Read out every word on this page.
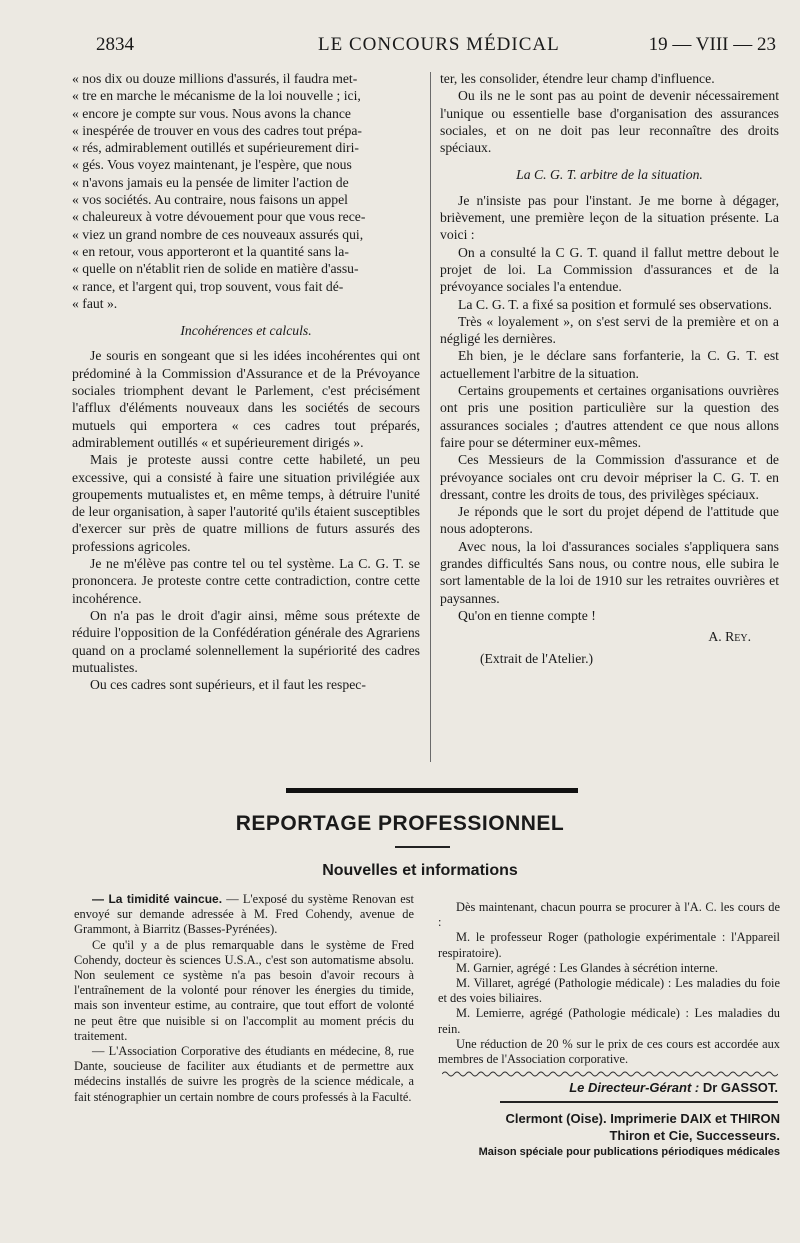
2834	LE CONCOURS MÉDICAL	19 — VIII — 23

« nos dix ou douze millions d'assurés, il faudra met-

« tre en marche le mécanisme de la loi nouvelle ; ici,

« encore je compte sur vous. Nous avons la chance

« inespérée de trouver en vous des cadres tout prépa-

« rés, admirablement outillés et supérieurement diri-

« gés. Vous voyez maintenant, je l'espère, que nous

« n'avons jamais eu la pensée de limiter l'action de

« vos sociétés. Au contraire, nous faisons un appel

« chaleureux à votre dévouement pour que vous rece-

« viez un grand nombre de ces nouveaux assurés qui,

« en retour, vous apporteront et la quantité sans la-

« quelle on n'établit rien de solide en matière d'assu-

« rance, et l'argent qui, trop souvent, vous fait dé-

« faut ».

Incohérences et calculs.

Je souris en songeant que si les idées incohérentes qui ont prédominé à la Commission d'Assurance et de la Prévoyance sociales triomphent devant le Parlement, c'est précisément l'afflux d'éléments nouveaux dans les sociétés de secours mutuels qui emportera « ces cadres tout préparés, admirablement outillés « et supérieurement dirigés ».

Mais je proteste aussi contre cette habileté, un peu excessive, qui a consisté à faire une situation privilégiée aux groupements mutualistes et, en même temps, à détruire l'unité de leur organisation, à saper l'autorité qu'ils étaient susceptibles d'exercer sur près de quatre millions de futurs assurés des professions agricoles.

Je ne m'élève pas contre tel ou tel système. La C. G. T. se prononcera. Je proteste contre cette contradiction, contre cette incohérence.

On n'a pas le droit d'agir ainsi, même sous prétexte de réduire l'opposition de la Confédération générale des Agrariens quand on a proclamé solennellement la supériorité des cadres mutualistes.

Ou ces cadres sont supérieurs, et il faut les respec-

ter, les consolider, étendre leur champ d'influence.

Ou ils ne le sont pas au point de devenir nécessairement l'unique ou essentielle base d'organisation des assurances sociales, et on ne doit pas leur reconnaître des droits spéciaux.

La C. G. T. arbitre de la situation.

Je n'insiste pas pour l'instant. Je me borne à dégager, brièvement, une première leçon de la situation présente. La voici :

On a consulté la C G. T. quand il fallut mettre debout le projet de loi. La Commission d'assurances et de la prévoyance sociales l'a entendue.

La C. G. T. a fixé sa position et formulé ses observations.

Très « loyalement », on s'est servi de la première et on a négligé les dernières.

Eh bien, je le déclare sans forfanterie, la C. G. T. est actuellement l'arbitre de la situation.

Certains groupements et certaines organisations ouvrières ont pris une position particulière sur la question des assurances sociales ; d'autres attendent ce que nous allons faire pour se déterminer eux-mêmes.

Ces Messieurs de la Commission d'assurance et de prévoyance sociales ont cru devoir mépriser la C. G. T. en dressant, contre les droits de tous, des privilèges spéciaux.

Je réponds que le sort du projet dépend de l'attitude que nous adopterons.

Avec nous, la loi d'assurances sociales s'appliquera sans grandes difficultés Sans nous, ou contre nous, elle subira le sort lamentable de la loi de 1910 sur les retraites ouvrières et paysannes.

Qu'on en tienne compte !

A. Rey.

(Extrait de l'Atelier.)

REPORTAGE PROFESSIONNEL
Nouvelles et informations

— La timidité vaincue. — L'exposé du système Renovan est envoyé sur demande adressée à M. Fred Cohendy, avenue de Grammont, à Biarritz (Basses-Pyrénées).

Ce qu'il y a de plus remarquable dans le système de Fred Cohendy, docteur ès sciences U.S.A., c'est son automatisme absolu. Non seulement ce système n'a pas besoin d'avoir recours à l'entraînement de la volonté pour rénover les énergies du timide, mais son inventeur estime, au contraire, que tout effort de volonté ne peut être que nuisible si on l'accomplit au moment précis du traitement.

— L'Association Corporative des étudiants en médecine, 8, rue Dante, soucieuse de faciliter aux étudiants et de permettre aux médecins installés de suivre les progrès de la science médicale, a fait sténographier un certain nombre de cours professés à la Faculté.

Dès maintenant, chacun pourra se procurer à l'A. C. les cours de :

M. le professeur Roger (pathologie expérimentale : l'Appareil respiratoire).

M. Garnier, agrégé : Les Glandes à sécrétion interne.

M. Villaret, agrégé (Pathologie médicale) : Les maladies du foie et des voies biliaires.

M. Lemierre, agrégé (Pathologie médicale) : Les maladies du rein.

Une réduction de 20 % sur le prix de ces cours est accordée aux membres de l'Association corporative.

Le Directeur-Gérant : Dr GASSOT.
Clermont (Oise). Imprimerie DAIX et THIRON
Thiron et Cie, Successeurs.
Maison spéciale pour publications périodiques médicales
